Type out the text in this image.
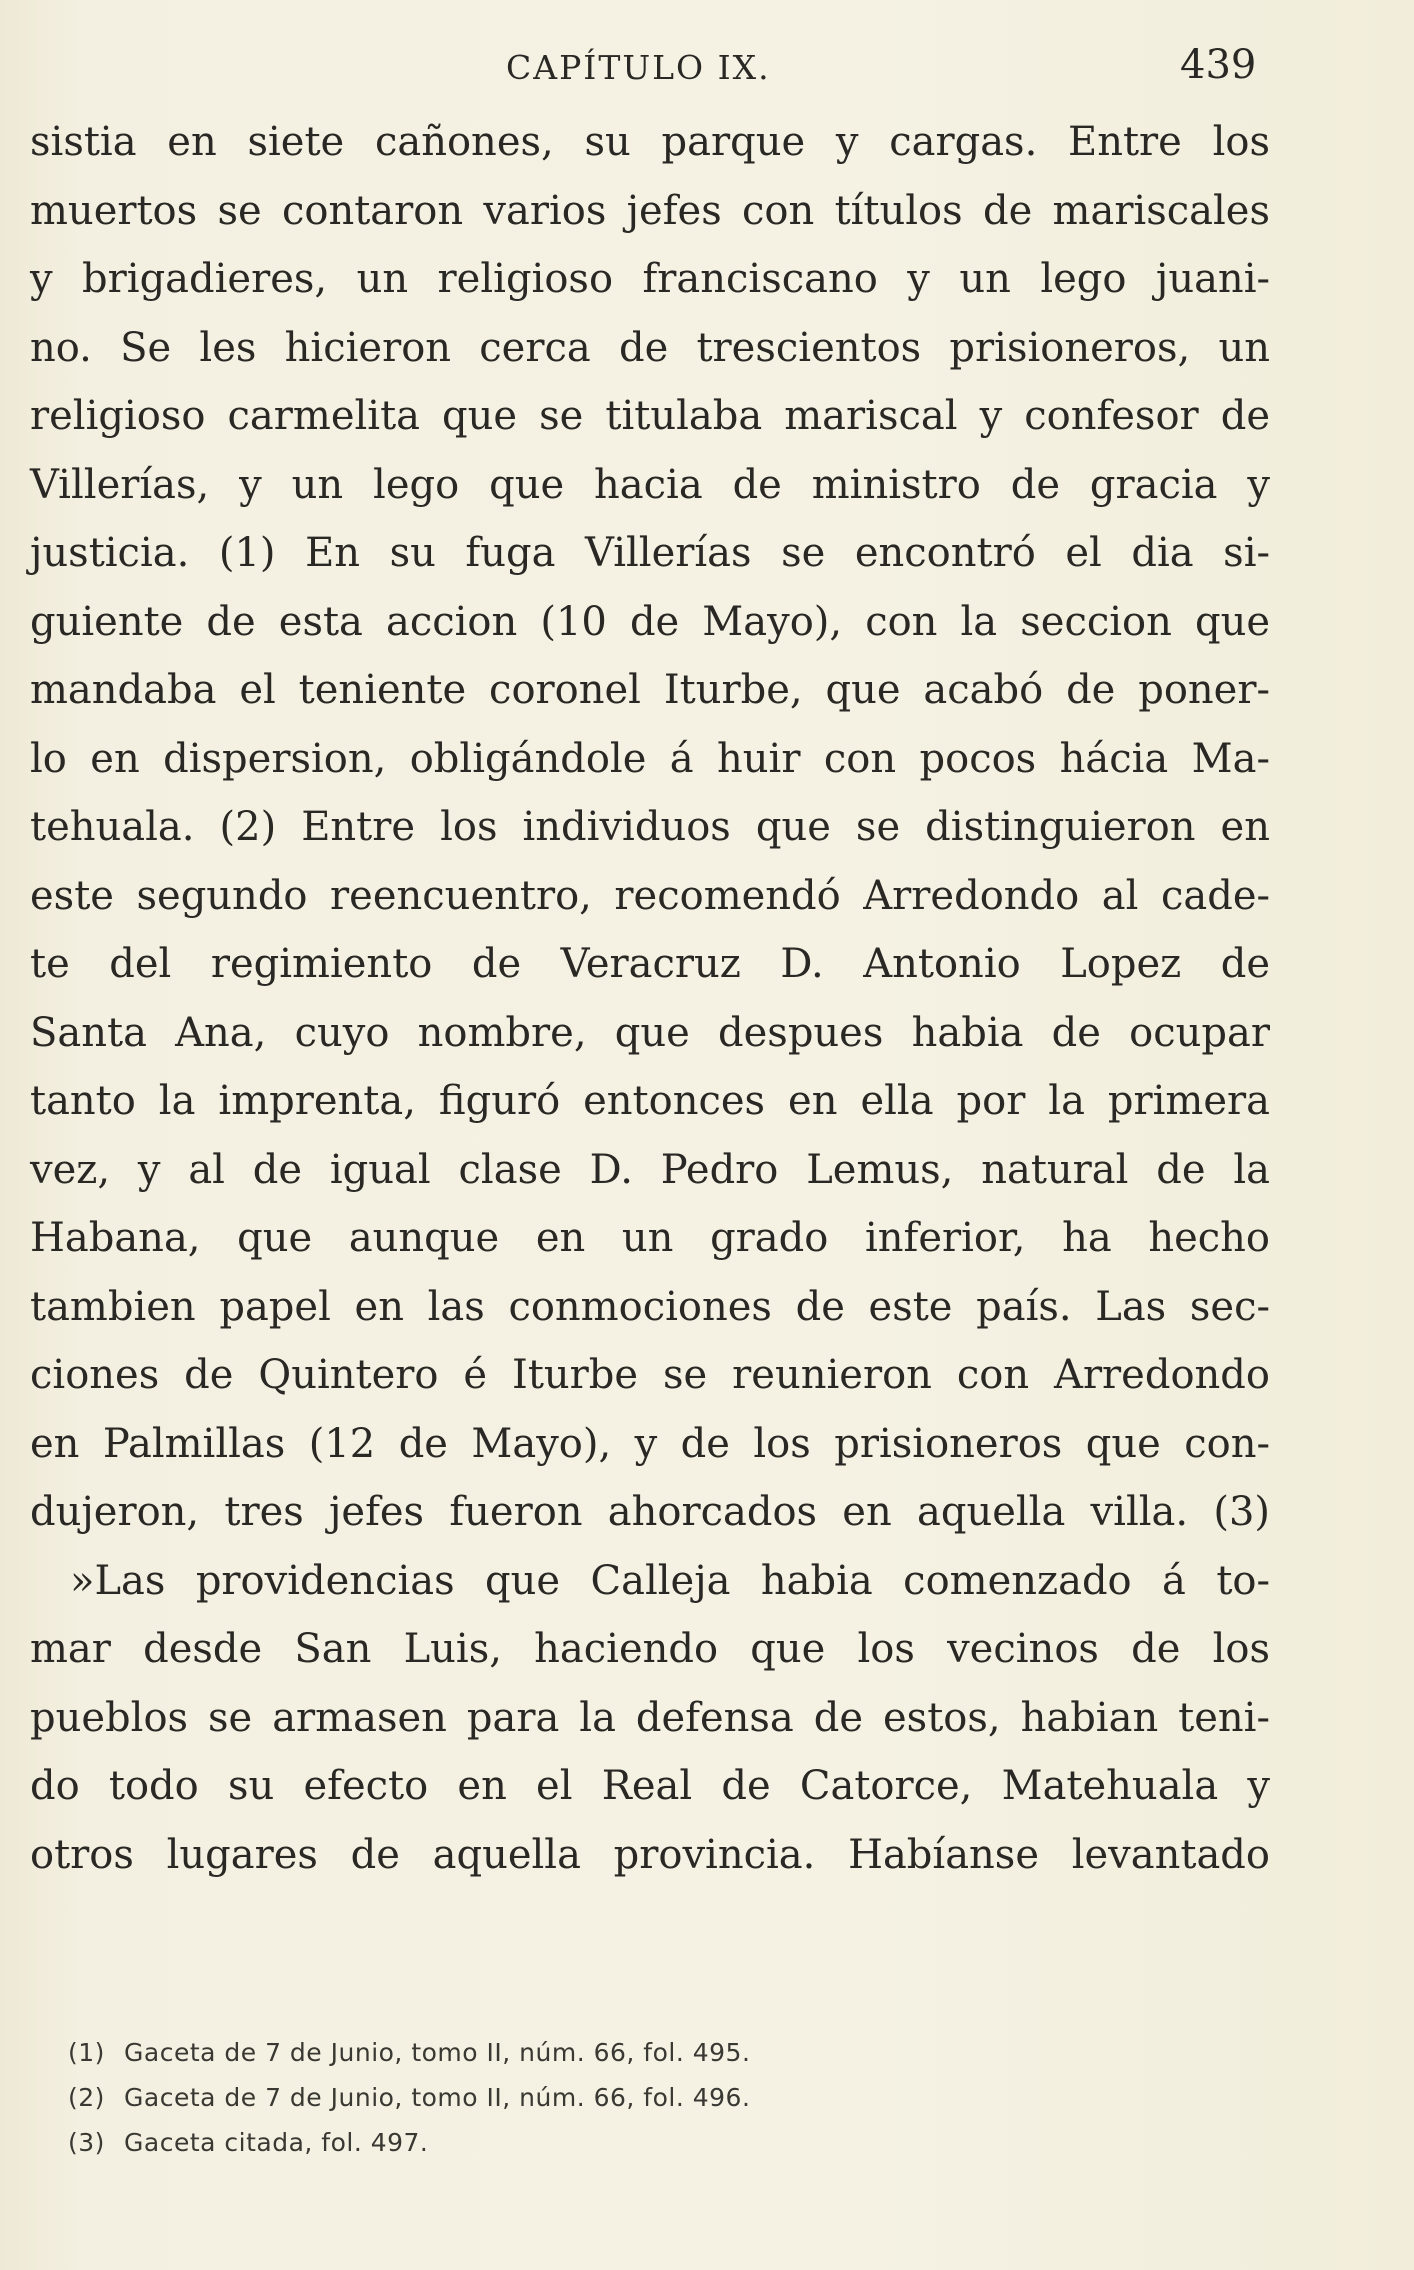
CAPÍTULO IX.	439
sistia en siete cañones, su parque y cargas. Entre los
muertos se contaron varios jefes con títulos de mariscales
y brigadieres, un religioso franciscano y un lego juani-
no. Se les hicieron cerca de trescientos prisioneros, un
religioso carmelita que se titulaba mariscal y confesor de
Villerías, y un lego que hacia de ministro de gracia y
justicia. (1) En su fuga Villerías se encontró el dia si-
guiente de esta accion (10 de Mayo), con la seccion que
mandaba el teniente coronel Iturbe, que acabó de poner-
lo en dispersion, obligándole á huir con pocos hácia Ma-
tehuala. (2) Entre los individuos que se distinguieron en
este segundo reencuentro, recomendó Arredondo al cade-
te del regimiento de Veracruz D. Antonio Lopez de
Santa Ana, cuyo nombre, que despues habia de ocupar
tanto la imprenta, figuró entonces en ella por la primera
vez, y al de igual clase D. Pedro Lemus, natural de la
Habana, que aunque en un grado inferior, ha hecho
tambien papel en las conmociones de este país. Las sec-
ciones de Quintero é Iturbe se reunieron con Arredondo
en Palmillas (12 de Mayo), y de los prisioneros que con-
dujeron, tres jefes fueron ahorcados en aquella villa. (3)
»Las providencias que Calleja habia comenzado á to-
mar desde San Luis, haciendo que los vecinos de los
pueblos se armasen para la defensa de estos, habian teni-
do todo su efecto en el Real de Catorce, Matehuala y
otros lugares de aquella provincia. Habíanse levantado
(1) Gaceta de 7 de Junio, tomo II, núm. 66, fol. 495.
(2) Gaceta de 7 de Junio, tomo II, núm. 66, fol. 496.
(3) Gaceta citada, fol. 497.
